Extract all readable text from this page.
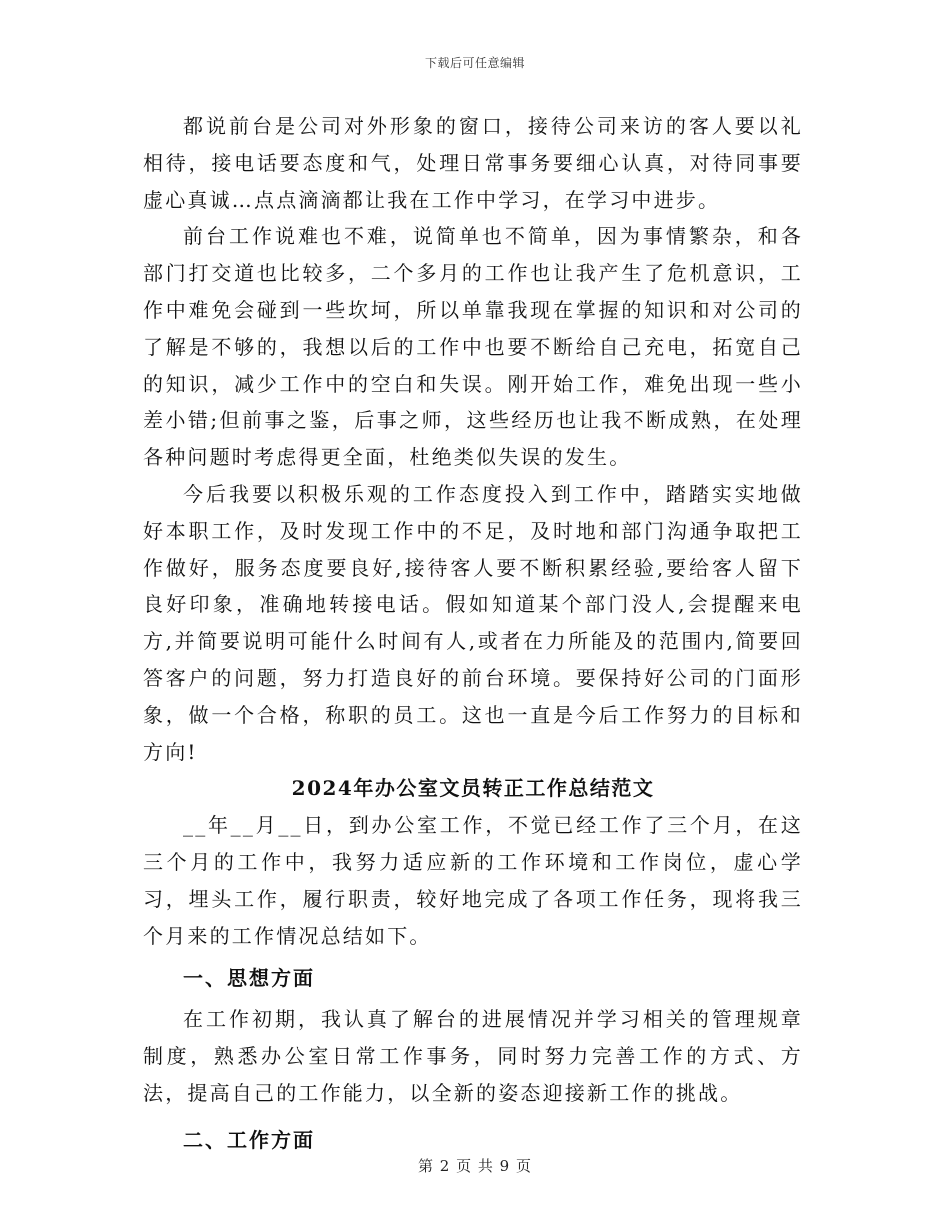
下载后可任意编辑

都说前台是公司对外形象的窗口，接待公司来访的客人要以礼相待，接电话要态度和气，处理日常事务要细心认真，对待同事要虚心真诚…点点滴滴都让我在工作中学习，在学习中进步。

前台工作说难也不难，说简单也不简单，因为事情繁杂，和各部门打交道也比较多，二个多月的工作也让我产生了危机意识，工作中难免会碰到一些坎坷，所以单靠我现在掌握的知识和对公司的了解是不够的，我想以后的工作中也要不断给自己充电，拓宽自己的知识，减少工作中的空白和失误。刚开始工作，难免出现一些小差小错;但前事之鉴，后事之师，这些经历也让我不断成熟，在处理各种问题时考虑得更全面，杜绝类似失误的发生。

今后我要以积极乐观的工作态度投入到工作中，踏踏实实地做好本职工作，及时发现工作中的不足，及时地和部门沟通争取把工作做好，服务态度要良好,接待客人要不断积累经验,要给客人留下良好印象，准确地转接电话。假如知道某个部门没人,会提醒来电方,并简要说明可能什么时间有人,或者在力所能及的范围内,简要回答客户的问题，努力打造良好的前台环境。要保持好公司的门面形象，做一个合格，称职的员工。这也一直是今后工作努力的目标和方向!

2024年办公室文员转正工作总结范文

__年__月__日，到办公室工作，不觉已经工作了三个月，在这三个月的工作中，我努力适应新的工作环境和工作岗位，虚心学习，埋头工作，履行职责，较好地完成了各项工作任务，现将我三个月来的工作情况总结如下。

一、思想方面

在工作初期，我认真了解台的进展情况并学习相关的管理规章制度，熟悉办公室日常工作事务，同时努力完善工作的方式、方法，提高自己的工作能力，以全新的姿态迎接新工作的挑战。

二、工作方面
第 2 页 共 9 页
